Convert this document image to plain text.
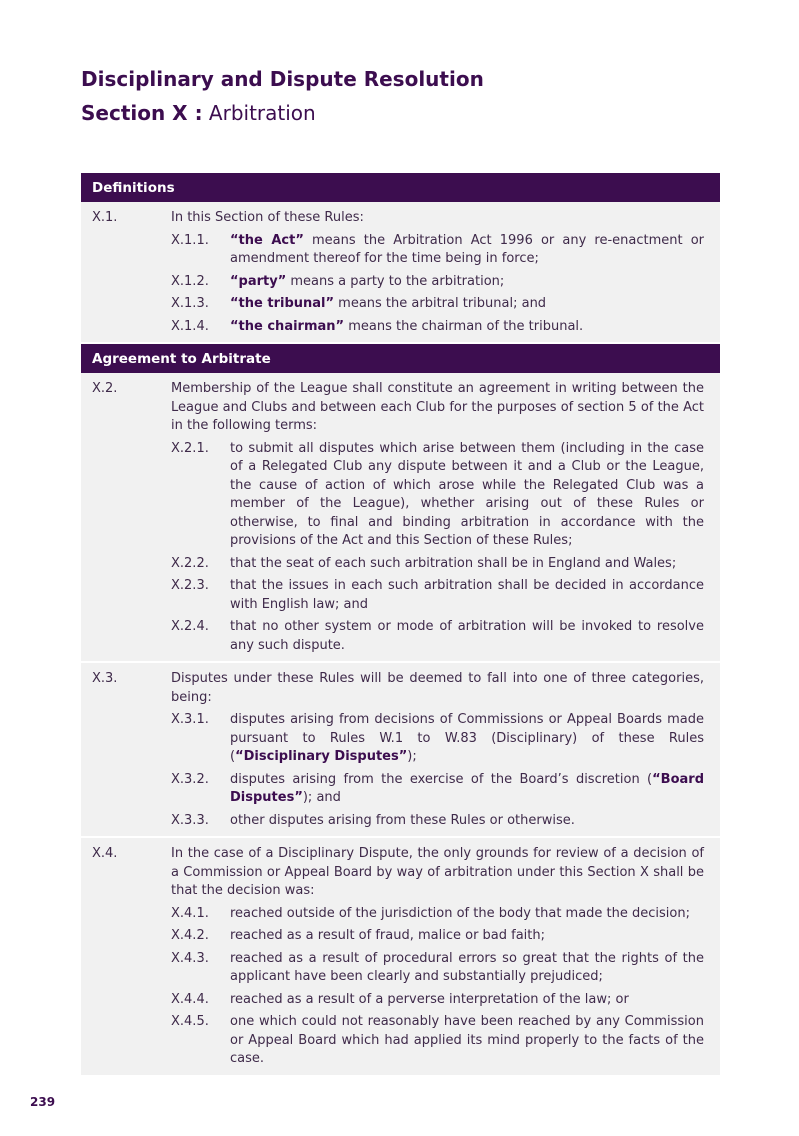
Disciplinary and Dispute Resolution
Section X : Arbitration
Definitions
X.1.	In this Section of these Rules:
X.1.1. “the Act” means the Arbitration Act 1996 or any re-enactment or amendment thereof for the time being in force;
X.1.2. “party” means a party to the arbitration;
X.1.3. “the tribunal” means the arbitral tribunal; and
X.1.4. “the chairman” means the chairman of the tribunal.
Agreement to Arbitrate
X.2.	Membership of the League shall constitute an agreement in writing between the League and Clubs and between each Club for the purposes of section 5 of the Act in the following terms:
X.2.1. to submit all disputes which arise between them (including in the case of a Relegated Club any dispute between it and a Club or the League, the cause of action of which arose while the Relegated Club was a member of the League), whether arising out of these Rules or otherwise, to final and binding arbitration in accordance with the provisions of the Act and this Section of these Rules;
X.2.2. that the seat of each such arbitration shall be in England and Wales;
X.2.3. that the issues in each such arbitration shall be decided in accordance with English law; and
X.2.4. that no other system or mode of arbitration will be invoked to resolve any such dispute.
X.3.	Disputes under these Rules will be deemed to fall into one of three categories, being:
X.3.1. disputes arising from decisions of Commissions or Appeal Boards made pursuant to Rules W.1 to W.83 (Disciplinary) of these Rules (“Disciplinary Disputes”);
X.3.2. disputes arising from the exercise of the Board’s discretion (“Board Disputes”); and
X.3.3. other disputes arising from these Rules or otherwise.
X.4.	In the case of a Disciplinary Dispute, the only grounds for review of a decision of a Commission or Appeal Board by way of arbitration under this Section X shall be that the decision was:
X.4.1. reached outside of the jurisdiction of the body that made the decision;
X.4.2. reached as a result of fraud, malice or bad faith;
X.4.3. reached as a result of procedural errors so great that the rights of the applicant have been clearly and substantially prejudiced;
X.4.4. reached as a result of a perverse interpretation of the law; or
X.4.5. one which could not reasonably have been reached by any Commission or Appeal Board which had applied its mind properly to the facts of the case.
239
